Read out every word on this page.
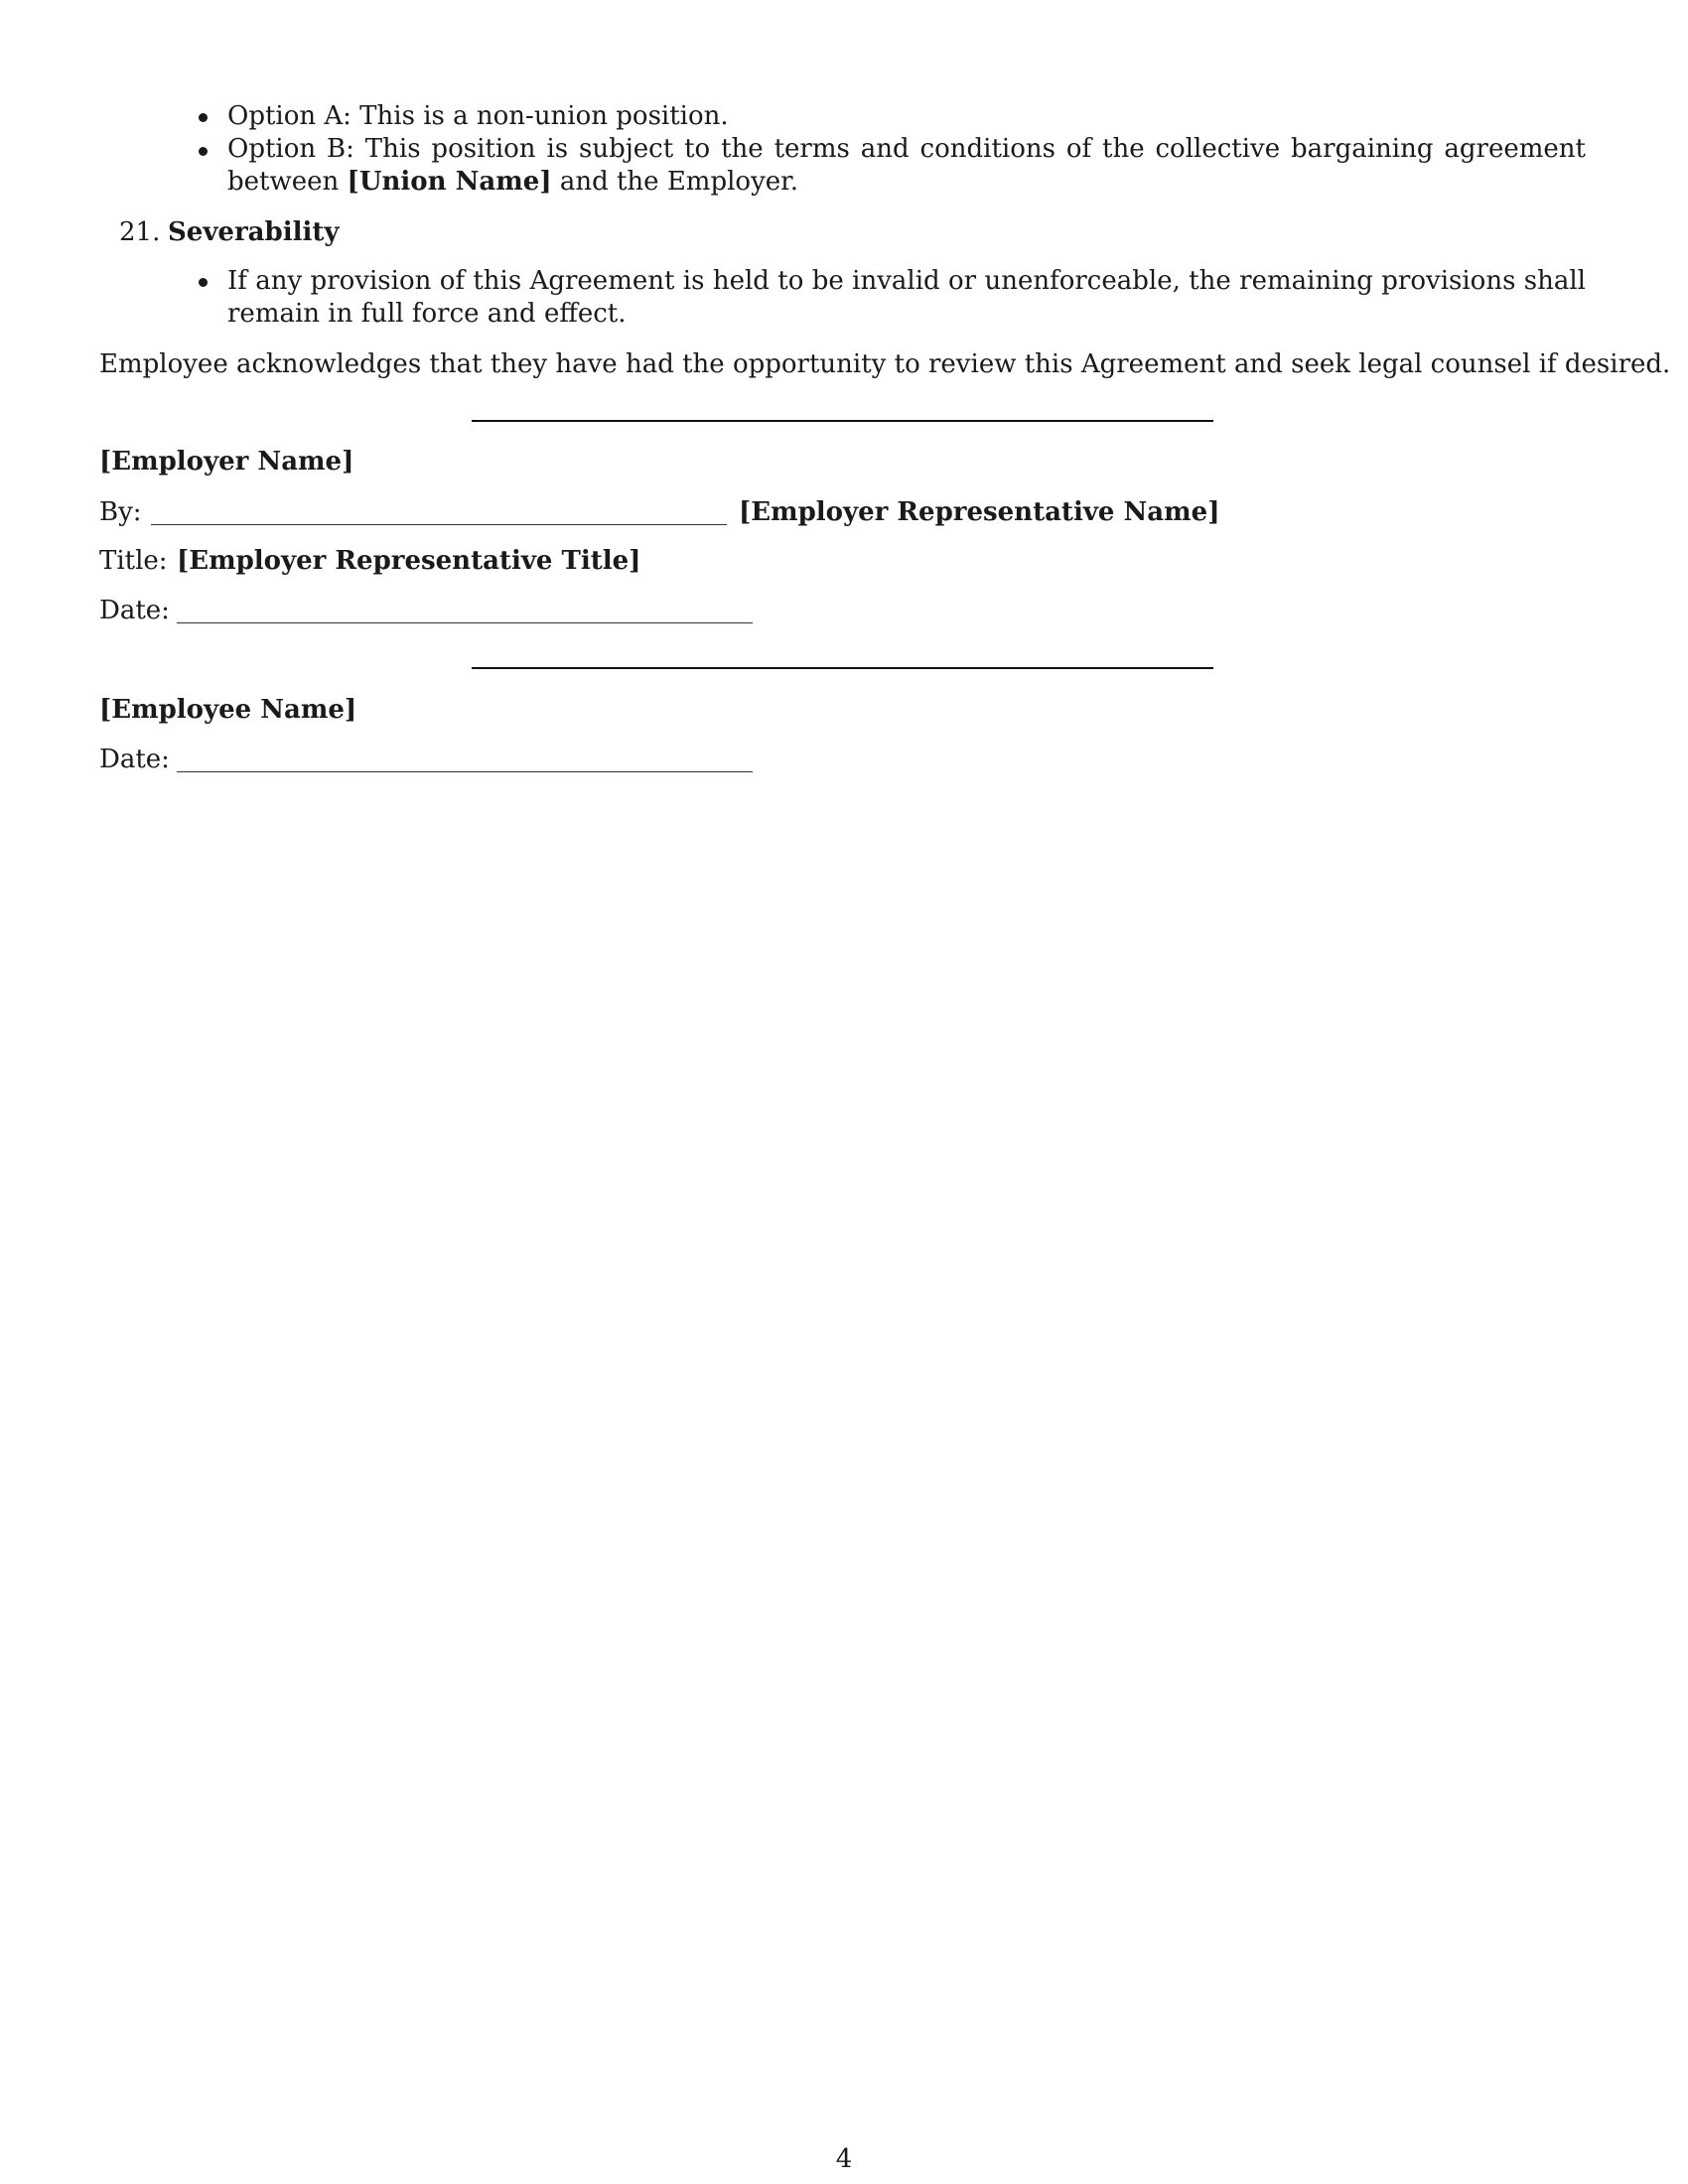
Option A: This is a non-union position.
Option B: This position is subject to the terms and conditions of the collective bargaining agreement between [Union Name] and the Employer.
21. Severability
If any provision of this Agreement is held to be invalid or unenforceable, the remaining provisions shall remain in full force and effect.
Employee acknowledges that they have had the opportunity to review this Agreement and seek legal counsel if desired.
[Employer Name]
By:	[Employer Representative Name]
Title: [Employer Representative Title]
Date:
[Employee Name]
Date:
4
